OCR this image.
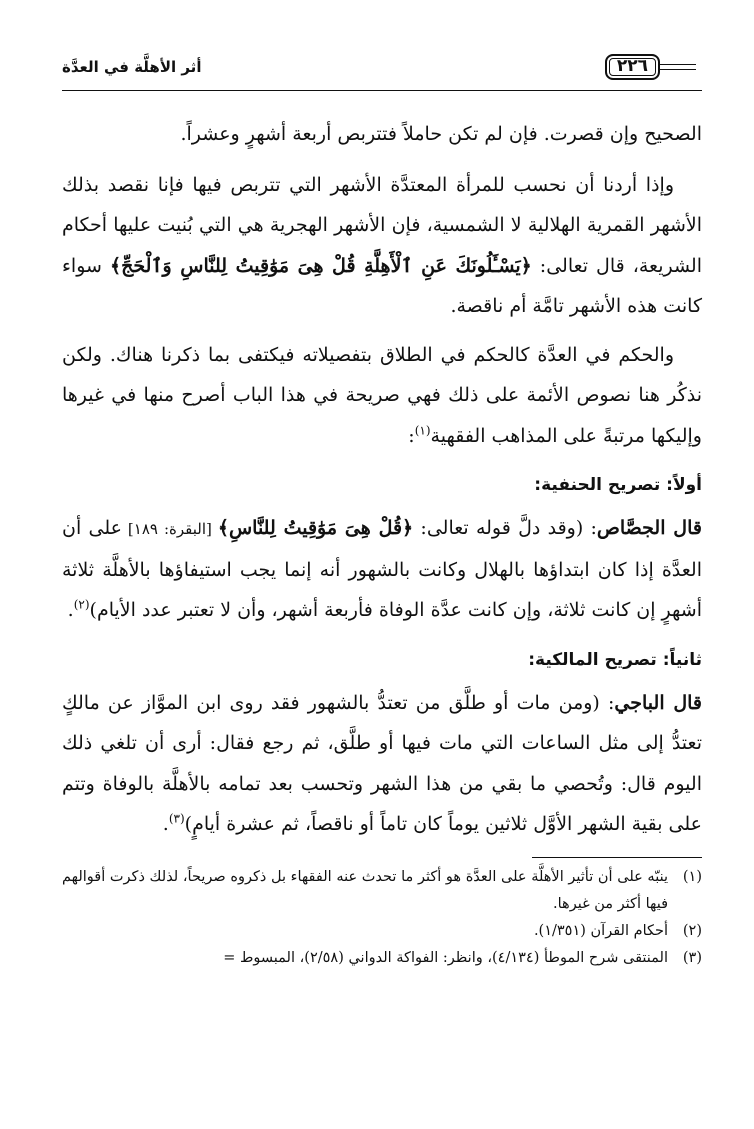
٢٢٦
أثر الأهلَّة في العدَّة

الصحيح وإن قصرت. فإن لم تكن حاملاً فتتربص أربعة أشهرٍ وعشراً.

وإذا أردنا أن نحسب للمرأة المعتدَّة الأشهر التي تتربص فيها فإنا نقصد بذلك الأشهر القمرية الهلالية لا الشمسية، فإن الأشهر الهجرية هي التي بُنيت عليها أحكام الشريعة، قال تعالى: ﴿يَسْـَٔلُونَكَ عَنِ ٱلْأَهِلَّةِ قُلْ هِىَ مَوَٰقِيتُ لِلنَّاسِ وَٱلْحَجِّ﴾ سواء كانت هذه الأشهر تامَّة أم ناقصة.

والحكم في العدَّة كالحكم في الطلاق بتفصيلاته فيكتفى بما ذكرنا هناك. ولكن نذكُر هنا نصوص الأئمة على ذلك فهي صريحة في هذا الباب أصرح منها في غيرها وإليكها مرتبةً على المذاهب الفقهية$^{(١)}$:

أولاً: تصريح الحنفية:

قال الجصَّاص: (وقد دلَّ قوله تعالى: ﴿قُلْ هِىَ مَوَٰقِيتُ لِلنَّاسِ﴾ [البقرة: ١٨٩] على أن العدَّة إذا كان ابتداؤها بالهلال وكانت بالشهور أنه إنما يجب استيفاؤها بالأهلَّة ثلاثة أشهرٍ إن كانت ثلاثة، وإن كانت عدَّة الوفاة فأربعة أشهر، وأن لا تعتبر عدد الأيام)$^{(٢)}$.

ثانياً: تصريح المالكية:

قال الباجي: (ومن مات أو طلَّق من تعتدُّ بالشهور فقد روى ابن الموَّاز عن مالكٍ تعتدُّ إلى مثل الساعات التي مات فيها أو طلَّق، ثم رجع فقال: أرى أن تلغي ذلك اليوم قال: وتُحصي ما بقي من هذا الشهر وتحسب بعد تمامه بالأهلَّة بالوفاة وتتم على بقية الشهر الأوَّل ثلاثين يوماً كان تاماً أو ناقصاً، ثم عشرة أيامٍ)$^{(٣)}$.

(١)
ينبّه على أن تأثير الأهلَّة على العدَّة هو أكثر ما تحدث عنه الفقهاء بل ذكروه صريحاً، لذلك ذكرت أقوالهم فيها أكثر من غيرها.
(٢)
أحكام القرآن (١/٣٥١).
(٣)
المنتقى شرح الموطأ (٤/١٣٤)، وانظر: الفواكة الدواني (٢/٥٨)، المبسوط =
